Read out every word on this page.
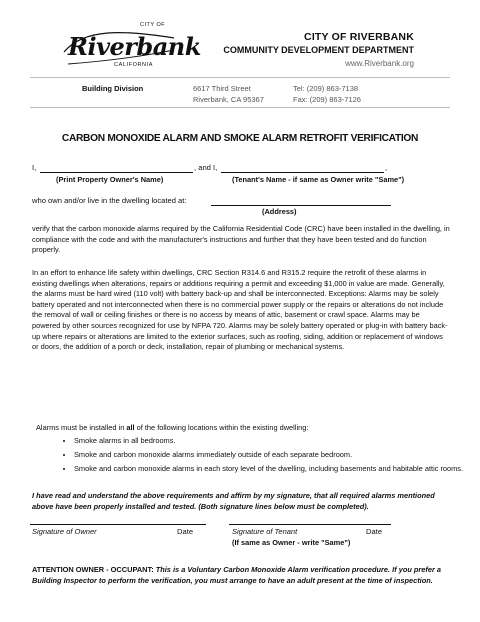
CITY OF
Riverbank
CALIFORNIA
CITY OF RIVERBANK
COMMUNITY DEVELOPMENT DEPARTMENT
www.Riverbank.org
Building Division	6617 Third Street
Riverbank, CA 95367
Tel: (209) 863-7138
Fax: (209) 863-7126
CARBON MONOXIDE ALARM AND SMOKE ALARM RETROFIT VERIFICATION
I,	, and I,	,
(Print Property Owner's Name)	(Tenant's Name - if same as Owner write "Same")
who own and/or live in the dwelling located at:
(Address)

verify that the carbon monoxide alarms required by the California Residential Code (CRC) have been installed in the dwelling, in compliance with the code and with the manufacturer's instructions and further that they have been tested and do function properly.

In an effort to enhance life safety within dwellings, CRC Section R314.6 and R315.2 require the retrofit of these alarms in existing dwellings when alterations, repairs or additions requiring a permit and exceeding $1,000 in value are made. Generally, the alarms must be hard wired (110 volt) with battery back-up and shall be interconnected. Exceptions: Alarms may be solely battery operated and not interconnected when there is no commercial power supply or the repairs or alterations do not include the removal of wall or ceiling finishes or there is no access by means of attic, basement or crawl space. Alarms may be powered by other sources recognized for use by NFPA 720. Alarms may be solely battery operated or plug-in with battery back-up where repairs or alterations are limited to the exterior surfaces, such as roofing, siding, addition or replacement of windows or doors, the addition of a porch or deck, installation, repair of plumbing or mechanical systems.

Alarms must be installed in all of the following locations within the existing dwelling:
• Smoke alarms in all bedrooms.
• Smoke and carbon monoxide alarms immediately outside of each separate bedroom.
• Smoke and carbon monoxide alarms in each story level of the dwelling, including basements and habitable attic rooms.
I have read and understand the above requirements and affirm by my signature, that all required alarms mentioned above have been properly installed and tested. (Both signature lines below must be completed).
Signature of Owner	Date	Signature of Tenant	Date
(If same as Owner - write "Same")
ATTENTION OWNER - OCCUPANT: This is a Voluntary Carbon Monoxide Alarm verification procedure. If you prefer a Building Inspector to perform the verification, you must arrange to have an adult present at the time of inspection.
